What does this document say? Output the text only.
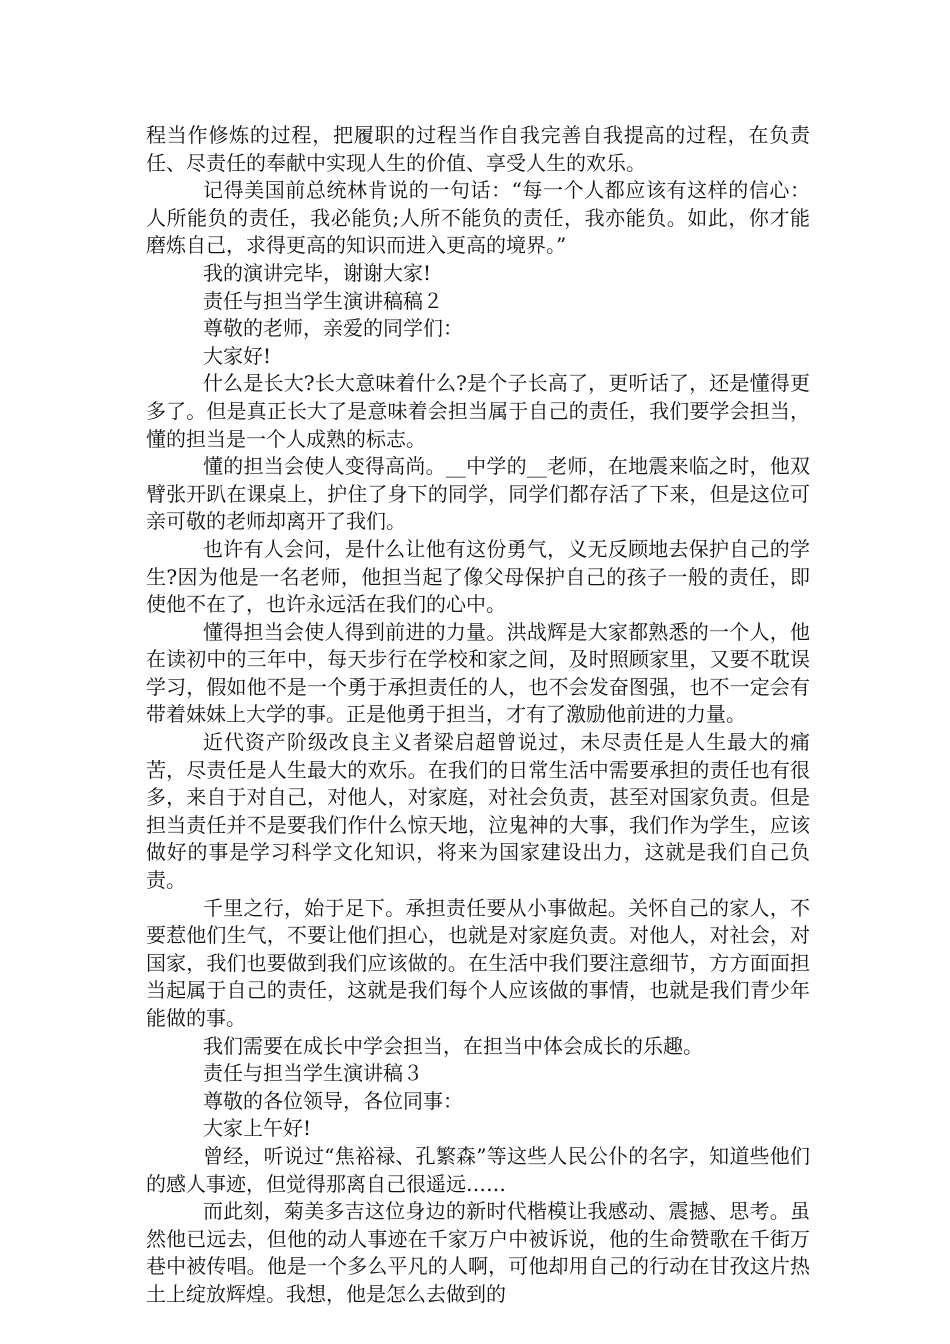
程当作修炼的过程，把履职的过程当作自我完善自我提高的过程，在负责任、尽责任的奉献中实现人生的价值、享受人生的欢乐。

记得美国前总统林肯说的一句话：“每一个人都应该有这样的信心：人所能负的责任，我必能负;人所不能负的责任，我亦能负。如此，你才能磨炼自己，求得更高的知识而进入更高的境界。”

我的演讲完毕，谢谢大家!

责任与担当学生演讲稿稿２

尊敬的老师，亲爱的同学们：

大家好!

什么是长大?长大意味着什么?是个子长高了，更听话了，还是懂得更多了。但是真正长大了是意味着会担当属于自己的责任，我们要学会担当，懂的担当是一个人成熟的标志。

懂的担当会使人变得高尚。__中学的__老师，在地震来临之时，他双臂张开趴在课桌上，护住了身下的同学，同学们都存活了下来，但是这位可亲可敬的老师却离开了我们。

也许有人会问，是什么让他有这份勇气，义无反顾地去保护自己的学生?因为他是一名老师，他担当起了像父母保护自己的孩子一般的责任，即使他不在了，也许永远活在我们的心中。

懂得担当会使人得到前进的力量。洪战辉是大家都熟悉的一个人，他在读初中的三年中，每天步行在学校和家之间，及时照顾家里，又要不耽误学习，假如他不是一个勇于承担责任的人，也不会发奋图强，也不一定会有带着妹妹上大学的事。正是他勇于担当，才有了激励他前进的力量。

近代资产阶级改良主义者梁启超曾说过，未尽责任是人生最大的痛苦，尽责任是人生最大的欢乐。在我们的日常生活中需要承担的责任也有很多，来自于对自己，对他人，对家庭，对社会负责，甚至对国家负责。但是担当责任并不是要我们作什么惊天地，泣鬼神的大事，我们作为学生，应该做好的事是学习科学文化知识，将来为国家建设出力，这就是我们自己负责。

千里之行，始于足下。承担责任要从小事做起。关怀自己的家人，不要惹他们生气，不要让他们担心，也就是对家庭负责。对他人，对社会，对国家，我们也要做到我们应该做的。在生活中我们要注意细节，方方面面担当起属于自己的责任，这就是我们每个人应该做的事情，也就是我们青少年能做的事。

我们需要在成长中学会担当，在担当中体会成长的乐趣。

责任与担当学生演讲稿３

尊敬的各位领导，各位同事：

大家上午好!

曾经，听说过“焦裕禄、孔繁森”等这些人民公仆的名字，知道些他们的感人事迹，但觉得那离自己很遥远……

而此刻，菊美多吉这位身边的新时代楷模让我感动、震撼、思考。虽然他已远去，但他的动人事迹在千家万户中被诉说，他的生命赞歌在千街万巷中被传唱。他是一个多么平凡的人啊，可他却用自己的行动在甘孜这片热土上绽放辉煌。我想，他是怎么去做到的
